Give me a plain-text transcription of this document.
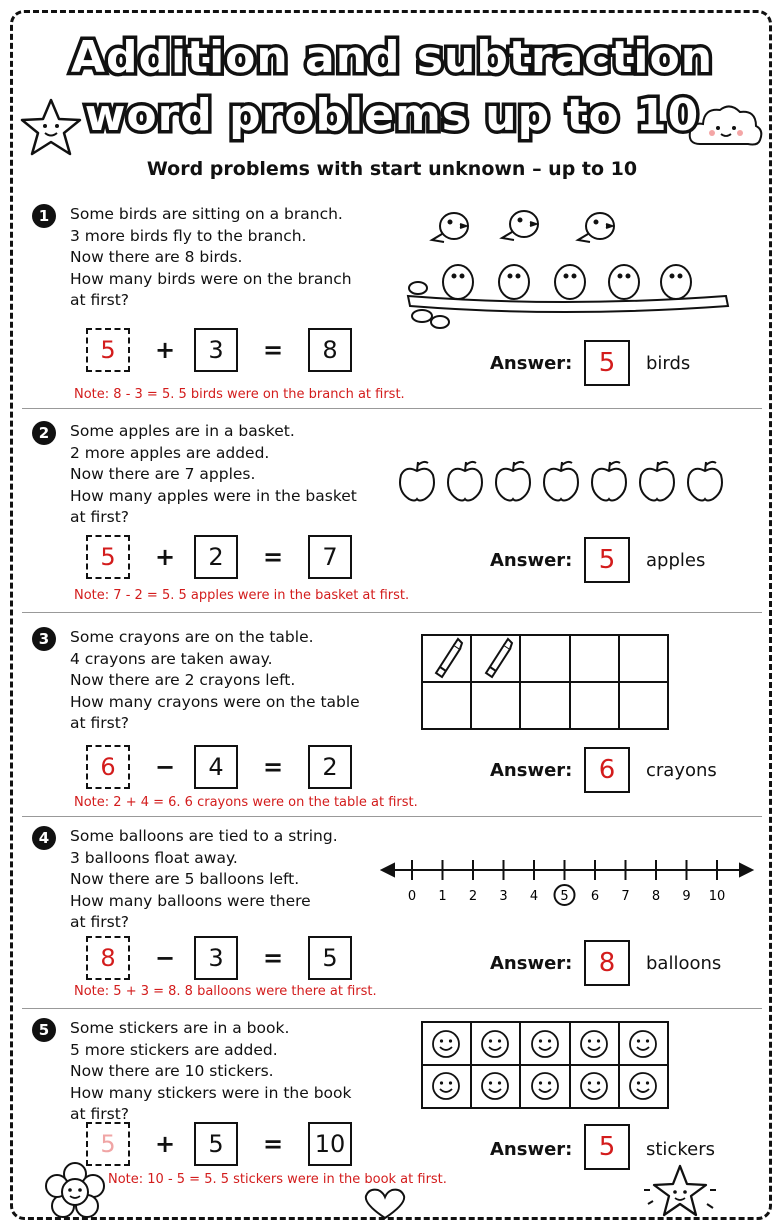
Addition and subtraction
word problems up to 10
Word problems with start unknown – up to 10
1	Some birds are sitting on a branch.
3 more birds fly to the branch.
Now there are 8 birds.
How many birds were on the branch
at first?
5	+	3	=	8	Answer:	5	birds
Note: 8 - 3 = 5. 5 birds were on the branch at first.
2	Some apples are in a basket.
2 more apples are added.
Now there are 7 apples.
How many apples were in the basket
at first?
5	+	2	=	7	Answer:	5	apples
Note: 7 - 2 = 5. 5 apples were in the basket at first.
3	Some crayons are on the table.
4 crayons are taken away.
Now there are 2 crayons left.
How many crayons were on the table
at first?
6	−	4	=	2	Answer:	6	crayons
Note: 2 + 4 = 6. 6 crayons were on the table at first.
4	Some balloons are tied to a string.
3 balloons float away.
Now there are 5 balloons left.
How many balloons were there
at first?
8	−	3	=	5	Answer:	8	balloons
Note: 5 + 3 = 8. 8 balloons were there at first.
0 1 2 3 4 5 6 7 8 9 10
5	Some stickers are in a book.
5 more stickers are added.
Now there are 10 stickers.
How many stickers were in the book
at first?
5	+	5	= 10	Answer:	5	stickers
Note: 10 - 5 = 5. 5 stickers were in the book at first.
